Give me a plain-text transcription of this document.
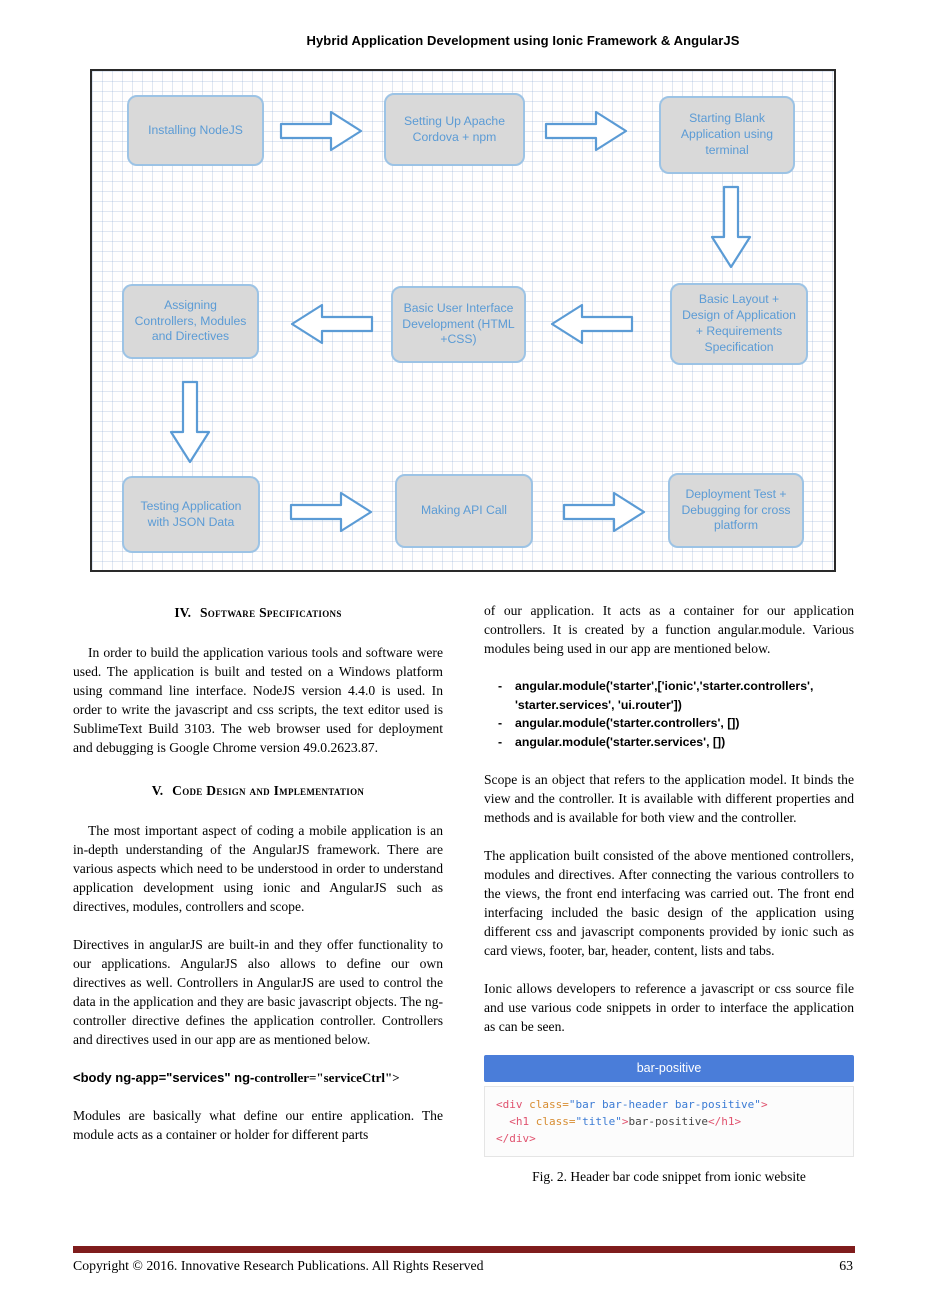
Hybrid Application Development using Ionic Framework & AngularJS
Installing NodeJS
Setting Up Apache Cordova + npm
Starting Blank Application using terminal
Basic Layout + Design of Application + Requirements Specification
Basic User Interface Development (HTML +CSS)
Assigning Controllers, Modules and Directives
Testing Application with JSON Data
Making API Call
Deployment Test + Debugging for cross platform
IV. Software Specifications

In order to build the application various tools and software were used. The application is built and tested on a Windows platform using command line interface. NodeJS version 4.4.0 is used. In order to write the javascript and css scripts, the text editor used is SublimeText Build 3103. The web browser used for deployment and debugging is Google Chrome version 49.0.2623.87.

V. Code Design and Implementation

The most important aspect of coding a mobile application is an in-depth understanding of the AngularJS framework. There are various aspects which need to be understood in order to understand application development using ionic and AngularJS such as directives, modules, controllers and scope.

Directives in angularJS are built-in and they offer functionality to our applications. AngularJS also allows to define our own directives as well. Controllers in AngularJS are used to control the data in the application and they are basic javascript objects. The ng-controller directive defines the application controller. Controllers and directives used in our app are as mentioned below.

<body ng-app="services" ng-controller="serviceCtrl">

Modules are basically what define our entire application. The module acts as a container or holder for different parts

of our application. It acts as a container for our application controllers. It is created by a function angular.module. Various modules being used in our app are mentioned below.

-	angular.module('starter',['ionic','starter.controllers', 'starter.services', 'ui.router'])
-	angular.module('starter.controllers', [])
-	angular.module('starter.services', [])

Scope is an object that refers to the application model. It binds the view and the controller. It is available with different properties and methods and is available for both view and the controller.

The application built consisted of the above mentioned controllers, modules and directives. After connecting the various controllers to the views, the front end interfacing was carried out. The front end interfacing included the basic design of the application using different css and javascript components provided by ionic such as card views, footer, bar, header, content, lists and tabs.

Ionic allows developers to reference a javascript or css source file and use various code snippets in order to interface the application as can be seen.

bar-positive
<div class="bar bar-header bar-positive">
<h1 class="title">bar-positive</h1>
</div>
Fig. 2. Header bar code snippet from ionic website
Copyright © 2016. Innovative Research Publications. All Rights Reserved	63
